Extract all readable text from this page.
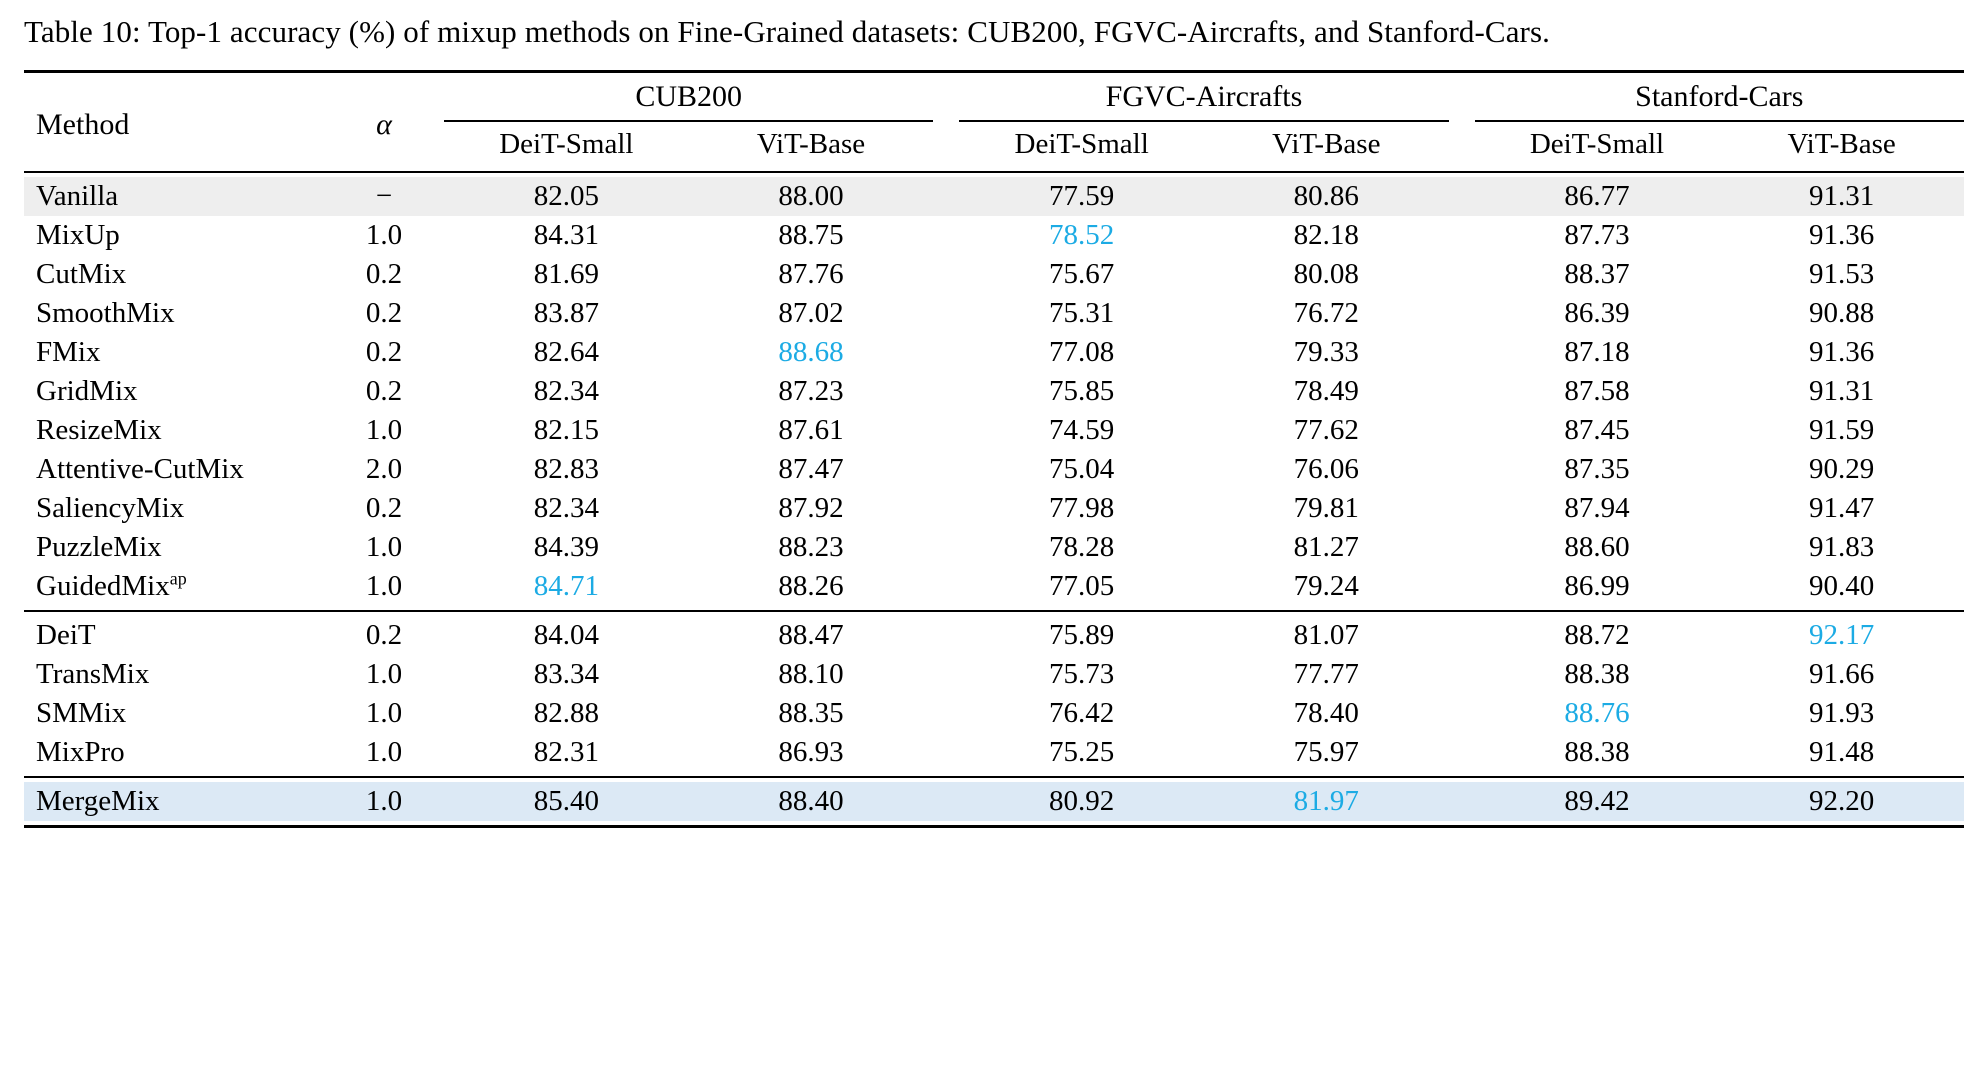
Table 10: Top-1 accuracy (%) of mixup methods on Fine-Grained datasets: CUB200, FGVC-Aircrafts, and Stanford-Cars.

Method	α	CUB200			FGVC-Aircrafts			Stanford-Cars	

		DeiT-Small	ViT-Base		DeiT-Small	ViT-Base		DeiT-Small	ViT-Base

Vanilla	−	82.05	88.00		77.59	80.86		86.77	91.31
MixUp	1.0	84.31	88.75		78.52	82.18		87.73	91.36
CutMix	0.2	81.69	87.76		75.67	80.08		88.37	91.53
SmoothMix	0.2	83.87	87.02		75.31	76.72		86.39	90.88
FMix	0.2	82.64	88.68		77.08	79.33		87.18	91.36
GridMix	0.2	82.34	87.23		75.85	78.49		87.58	91.31
ResizeMix	1.0	82.15	87.61		74.59	77.62		87.45	91.59
Attentive-CutMix	2.0	82.83	87.47		75.04	76.06		87.35	90.29
SaliencyMix	0.2	82.34	87.92		77.98	79.81		87.94	91.47
PuzzleMix	1.0	84.39	88.23		78.28	81.27		88.60	91.83
GuidedMix$^{ap}$	1.0	84.71	88.26		77.05	79.24		86.99	90.40

DeiT	0.2	84.04	88.47		75.89	81.07		88.72	92.17
TransMix	1.0	83.34	88.10		75.73	77.77		88.38	91.66
SMMix	1.0	82.88	88.35		76.42	78.40		88.76	91.93
MixPro	1.0	82.31	86.93		75.25	75.97		88.38	91.48

MergeMix	1.0	85.40	88.40		80.92	81.97		89.42	92.20
